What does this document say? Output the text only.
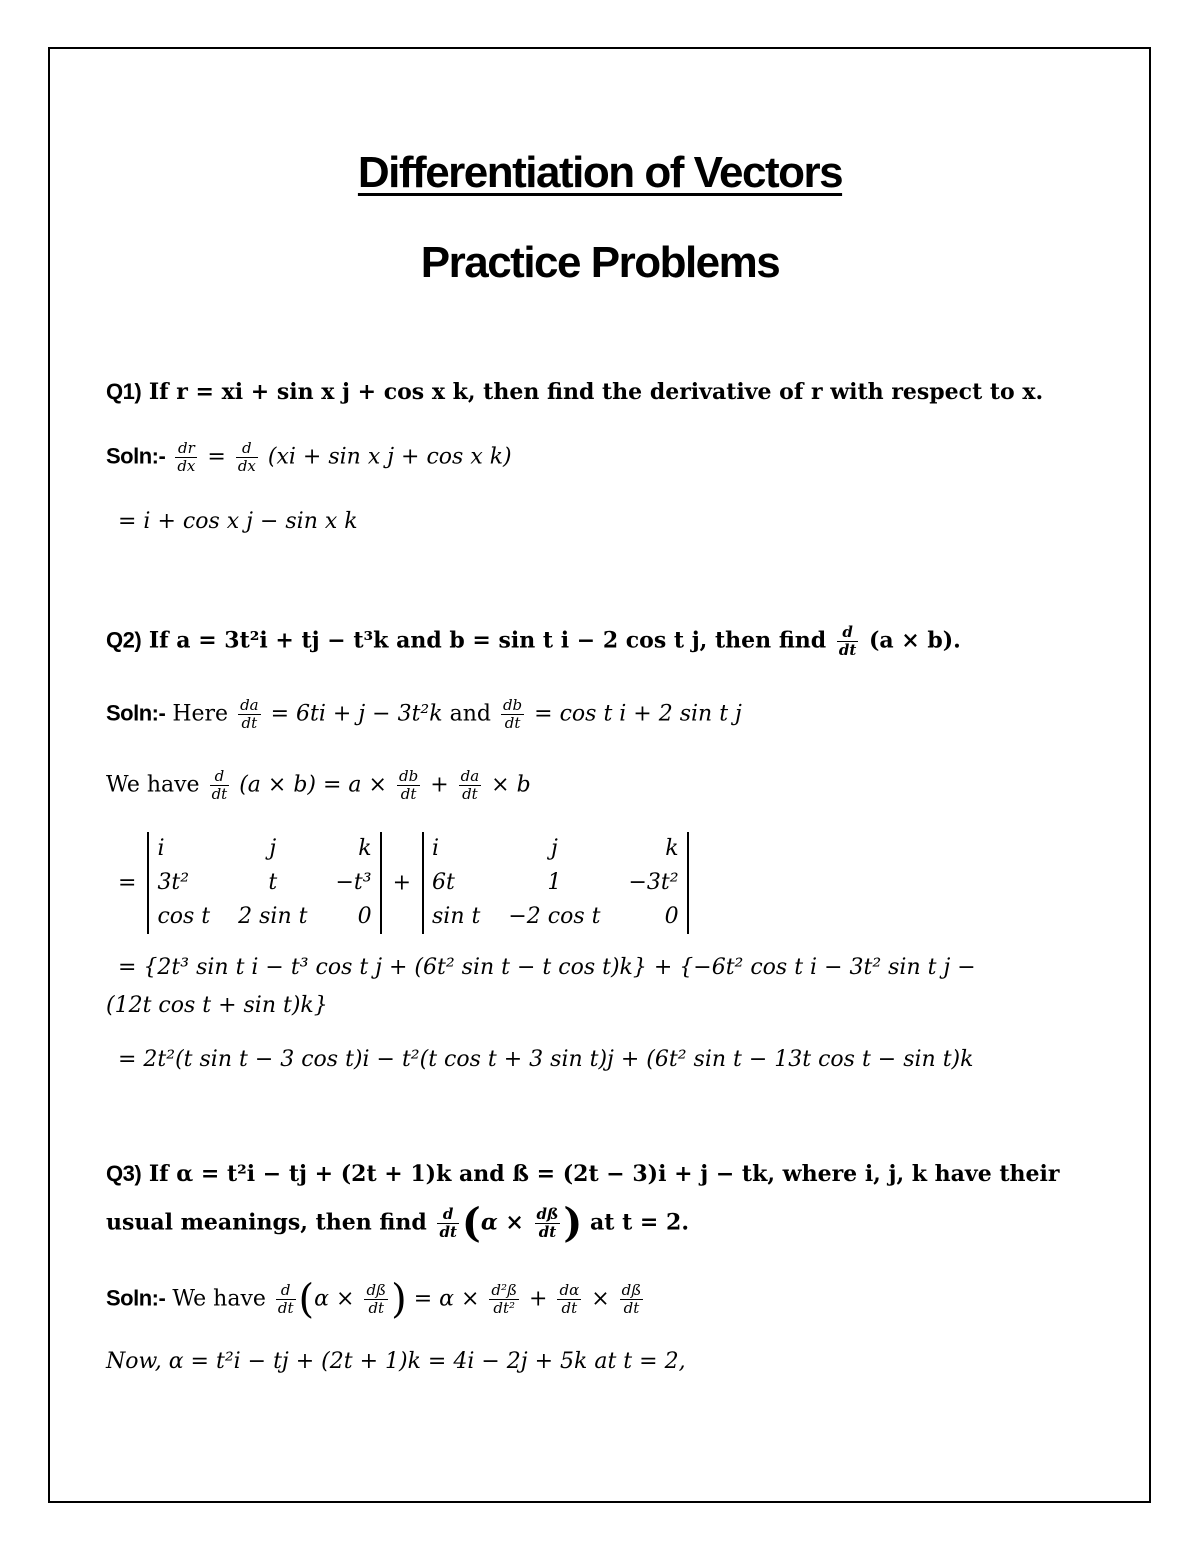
Differentiation of Vectors
Practice Problems
Q1) If r = xi + sin x j + cos x k, then find the derivative of r with respect to x.
Soln:- $\frac{dr}{dx} = \frac{d}{dx} (xi + \sin x$ j + cos x k)
= i + cos x j − sin x k
Q2) If a = 3t²i + tj − t³k and b = sin t i − 2 cos t j, then find $\frac{d}{dt} (a \times b)$.
Soln:- Here $\frac{da}{dt} = 6ti + j - 3t^2k$ and $\frac{db}{dt} = \cos t$ i + 2 sin t j
We have $\frac{d}{dt} (a \times b) = a \times \frac{db}{dt} + \frac{da}{dt} \times b$
=
i	j	k
3t²	t	−t³
cos t	2 sin t	0
+
i	j	k
6t	1	−3t²
sin t	−2 cos t	0
= {2t³ sin t i − t³ cos t j + (6t² sin t − t cos t)k} + {−6t² cos t i − 3t² sin t j −
(12t cos t + sin t)k}
= 2t²(t sin t − 3 cos t)i − t²(t cos t + 3 sin t)j + (6t² sin t − 13t cos t − sin t)k
Q3) If α = t²i − tj + (2t + 1)k and ß = (2t − 3)i + j − tk, where i, j, k have their
usual meanings, then find $\frac{d}{dt} (\alpha \times \frac{dß}{dt}$ ) at t = 2.
Soln:- We have $\frac{d}{dt} (\alpha \times \frac{dß}{dt}$ ) = $\alpha \times \frac{\text{d²ß}}{\text{dt²}} + \frac{d\alpha}{dt} \times \frac{dß}{dt}$
Now, α = t²i − tj + (2t + 1)k = 4i − 2j + 5k at t = 2,
